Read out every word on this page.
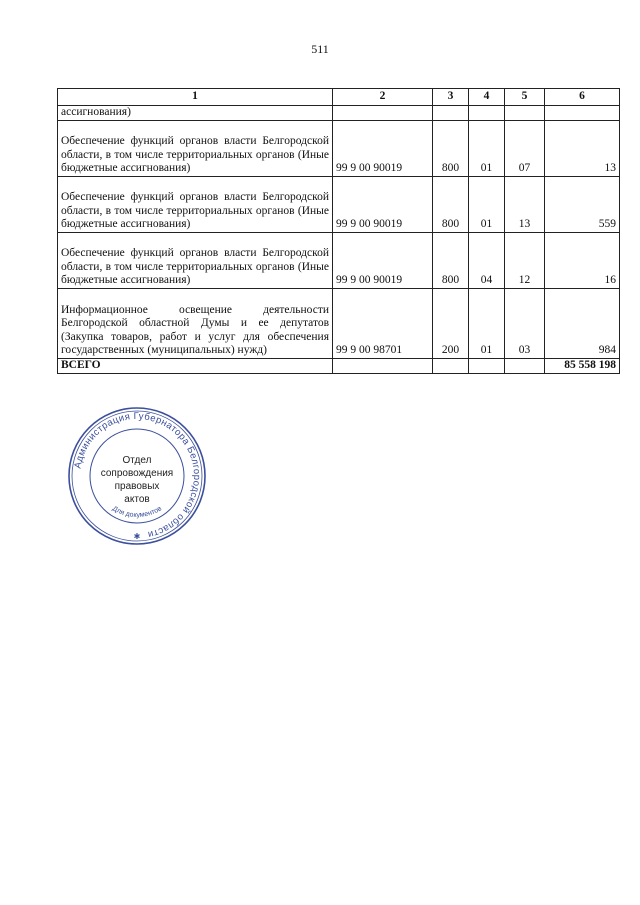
511
1	2	3	4	5	6
ассигнования)					
Обеспечение функций органов власти Белгородской области, в том числе территориальных органов (Иные бюджетные ассигнования)	99 9 00 90019	800	01	07	13
Обеспечение функций органов власти Белгородской области, в том числе территориальных органов (Иные бюджетные ассигнования)	99 9 00 90019	800	01	13	559
Обеспечение функций органов власти Белгородской области, в том числе территориальных органов (Иные бюджетные ассигнования)	99 9 00 90019	800	04	12	16
Информационное освещение деятельности Белгородской областной Думы и ее депутатов (Закупка товаров, работ и услуг для обеспечения государственных (муниципальных) нужд)	99 9 00 98701	200	01	03	984
ВСЕГО					85 558 198
Администрация Губернатора Белгородской области
Для документов
Отдел
сопровождения
правовых
актов
✱
